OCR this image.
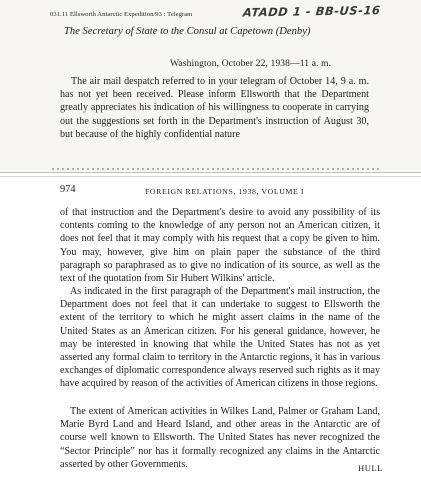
031.11 Ellsworth Antarctic Expedition/93 : Telegram	ATADD 1 - BB-US-16
The Secretary of State to the Consul at Capetown (Denby)
Washington, October 22, 1938—11 a. m.

The air mail despatch referred to in your telegram of October 14, 9 a. m. has not yet been received. Please inform Ellsworth that the Department greatly appreciates his indication of his willingness to cooperate in carrying out the suggestions set forth in the Department's instruction of August 30, but because of the highly confidential nature

974	FOREIGN RELATIONS, 1938, VOLUME I

of that instruction and the Department's desire to avoid any possibility of its contents coming to the knowledge of any person not an American citizen, it does not feel that it may comply with his request that a copy be given to him. You may, however, give him on plain paper the substance of the third paragraph so paraphrased as to give no indication of its source, as well as the text of the quotation from Sir Hubert Wilkins' article.

As indicated in the first paragraph of the Department's mail instruction, the Department does not feel that it can undertake to suggest to Ellsworth the extent of the territory to which he might assert claims in the name of the United States as an American citizen. For his general guidance, however, he may be interested in knowing that while the United States has not as yet asserted any formal claim to territory in the Antarctic regions, it has in various exchanges of diplomatic correspondence always reserved such rights as it may have acquired by reason of the activities of American citizens in those regions.

The extent of American activities in Wilkes Land, Palmer or Graham Land, Marie Byrd Land and Heard Island, and other areas in the Antarctic are of course well known to Ellsworth. The United States has never recognized the “Sector Principle” nor has it formally recognized any claims in the Antarctic asserted by other Governments.	HULL
